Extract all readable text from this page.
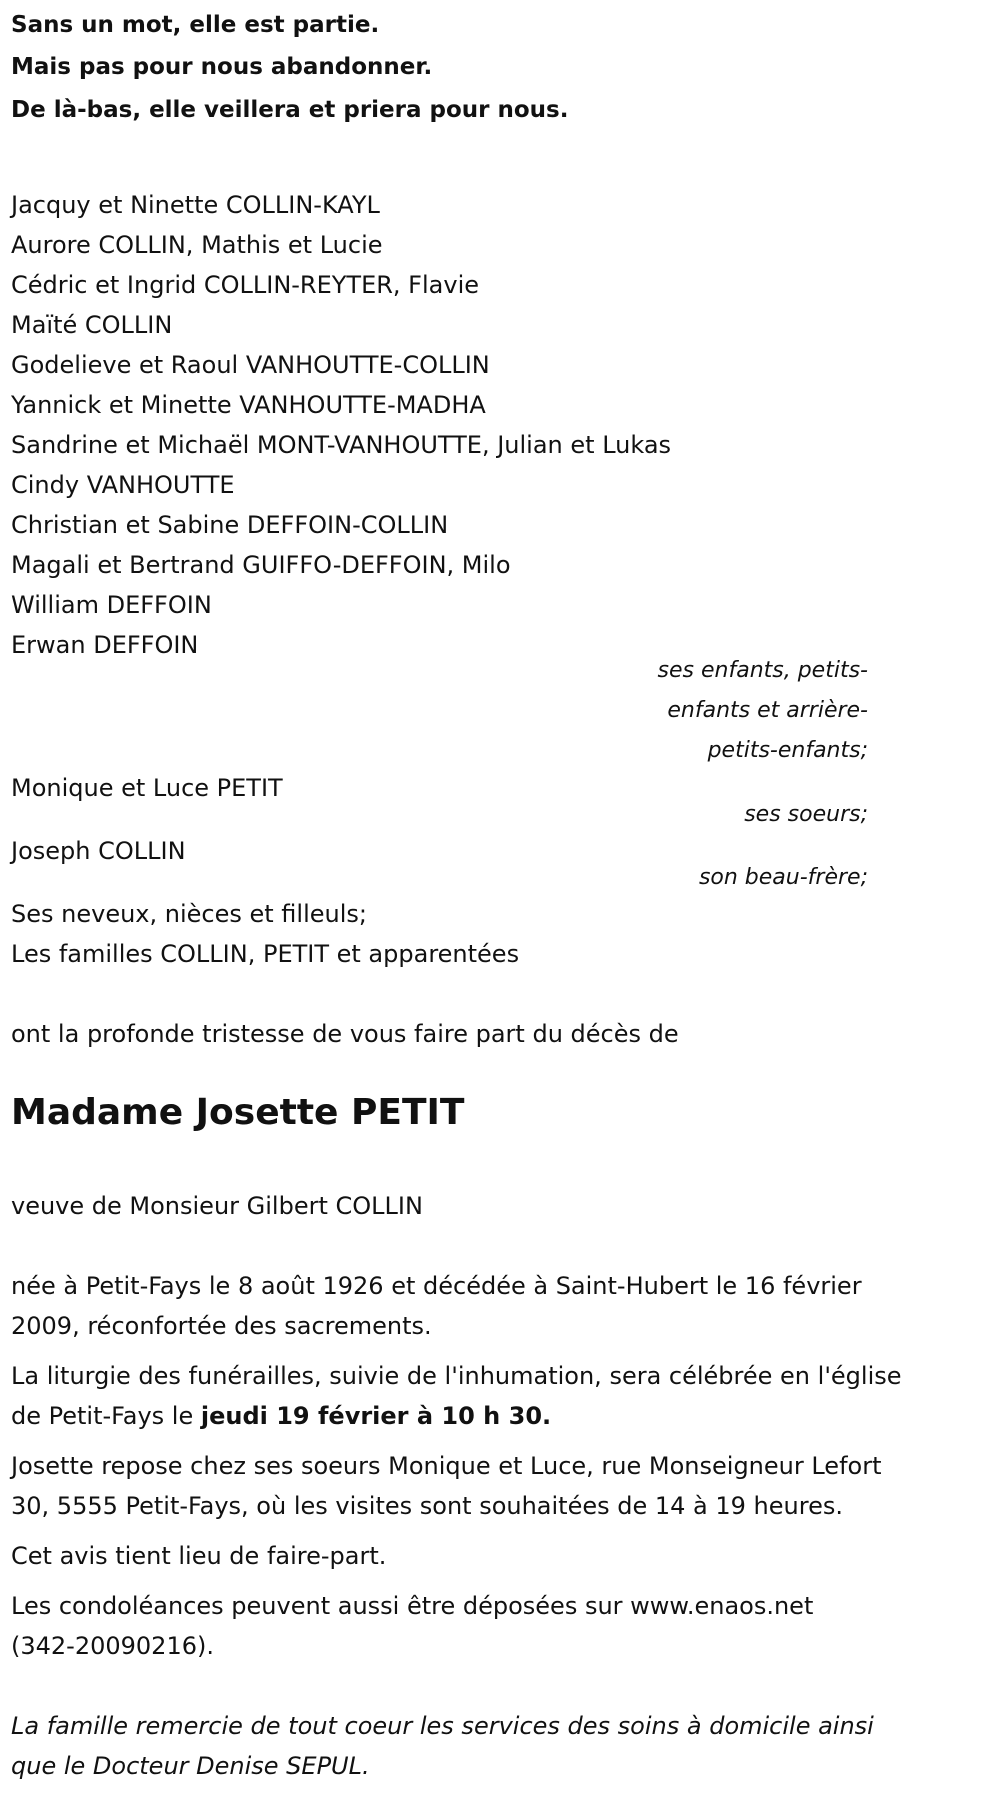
Sans un mot, elle est partie.

Mais pas pour nous abandonner.

De là-bas, elle veillera et priera pour nous.

Jacquy et Ninette COLLIN-KAYL
Aurore COLLIN, Mathis et Lucie
Cédric et Ingrid COLLIN-REYTER, Flavie
Maïté COLLIN
Godelieve et Raoul VANHOUTTE-COLLIN
Yannick et Minette VANHOUTTE-MADHA
Sandrine et Michaël MONT-VANHOUTTE, Julian et Lukas
Cindy VANHOUTTE
Christian et Sabine DEFFOIN-COLLIN
Magali et Bertrand GUIFFO-DEFFOIN, Milo
William DEFFOIN
Erwan DEFFOIN
ses enfants, petits-
enfants et arrière-
petits-enfants;

Monique et Luce PETIT

ses soeurs;

Joseph COLLIN

son beau-frère;

Ses neveux, nièces et filleuls;

Les familles COLLIN, PETIT et apparentées

ont la profonde tristesse de vous faire part du décès de

Madame Josette PETIT

veuve de Monsieur Gilbert COLLIN

née à Petit-Fays le 8 août 1926 et décédée à Saint-Hubert le 16 février

2009, réconfortée des sacrements.

La liturgie des funérailles, suivie de l'inhumation, sera célébrée en l'église

de Petit-Fays le jeudi 19 février à 10 h 30.

Josette repose chez ses soeurs Monique et Luce, rue Monseigneur Lefort

30, 5555 Petit-Fays, où les visites sont souhaitées de 14 à 19 heures.

Cet avis tient lieu de faire-part.

Les condoléances peuvent aussi être déposées sur www.enaos.net

(342-20090216).

La famille remercie de tout coeur les services des soins à domicile ainsi

que le Docteur Denise SEPUL.
